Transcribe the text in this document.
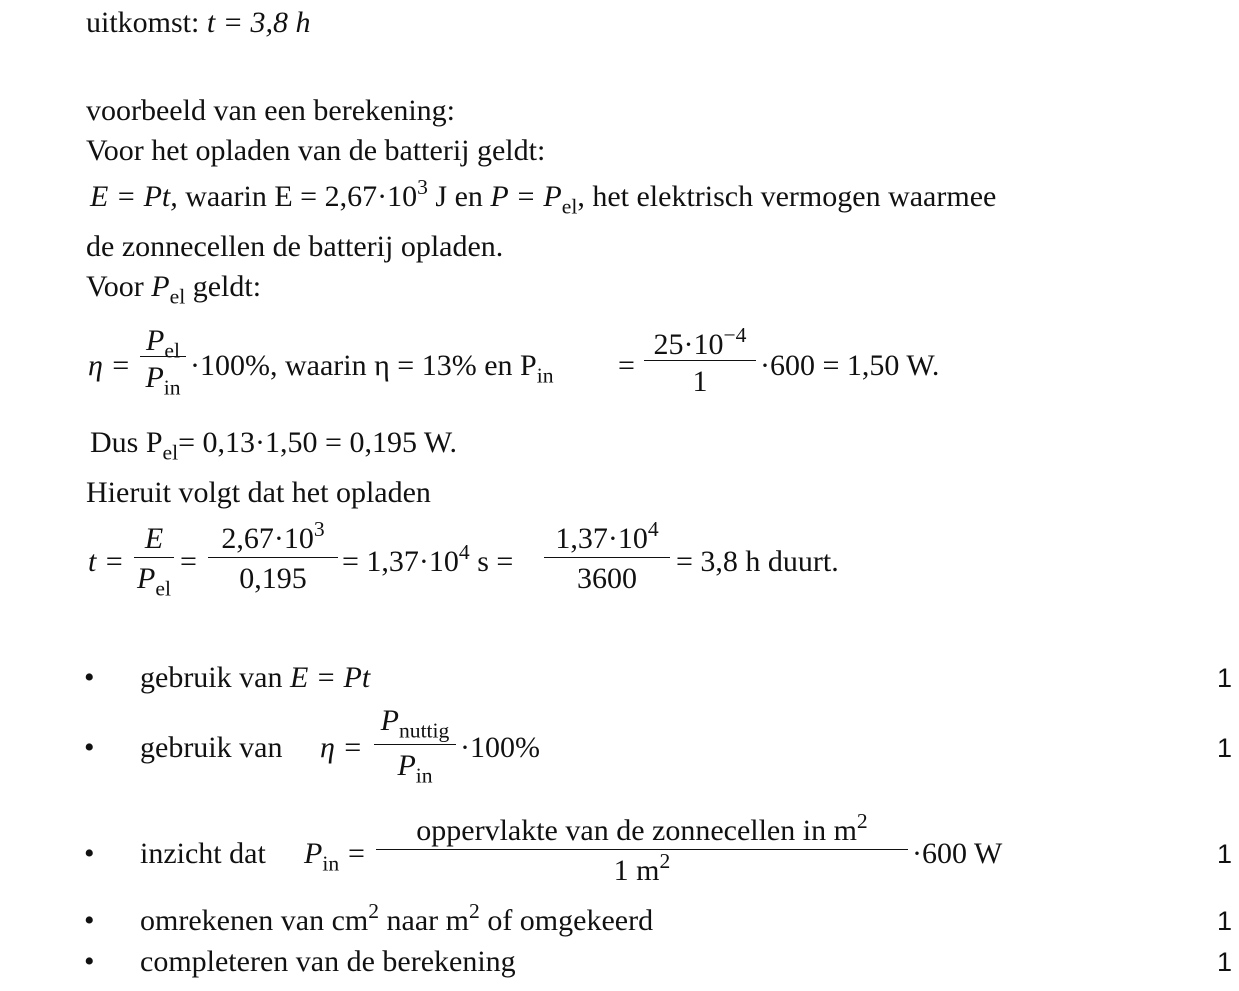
uitkomst: t = 3,8 h
voorbeeld van een berekening:
Voor het opladen van de batterij geldt:
E = Pt, waarin $E = 2,67\cdot 10^3$ J en $P = P_{el}$, het elektrisch vermogen waarmee
de zonnecellen de batterij opladen.
Voor $P_{el}$ geldt:
η =
$P_{el}$
$P_{in}$
·100%, waarin η = 13% en $P_{in}$ =
$25\cdot 10^{-4}$
1	·600 = 1,50 W.
Dus $P_{el}= 0,13\cdot 1,50 = 0,195$ W.
Hieruit volgt dat het opladen
t =
E
$P_{el}$
=
$2,67\cdot 10^3$
0,195
= $1,37\cdot 10^4$ s =
$1,37\cdot 10^4$
3600
= 3,8 h duurt.
• gebruik van E = Pt	1
• gebruik van η =
$P_{nuttig}$
$P_{in}$
·100%	1
• inzicht dat $P_{in}$ =
oppervlakte van de zonnecellen in $m^2$
1 $m^2$	·600 W	1
• omrekenen van $cm^2$ naar $m^2$ of omgekeerd	1
• completeren van de berekening	1
